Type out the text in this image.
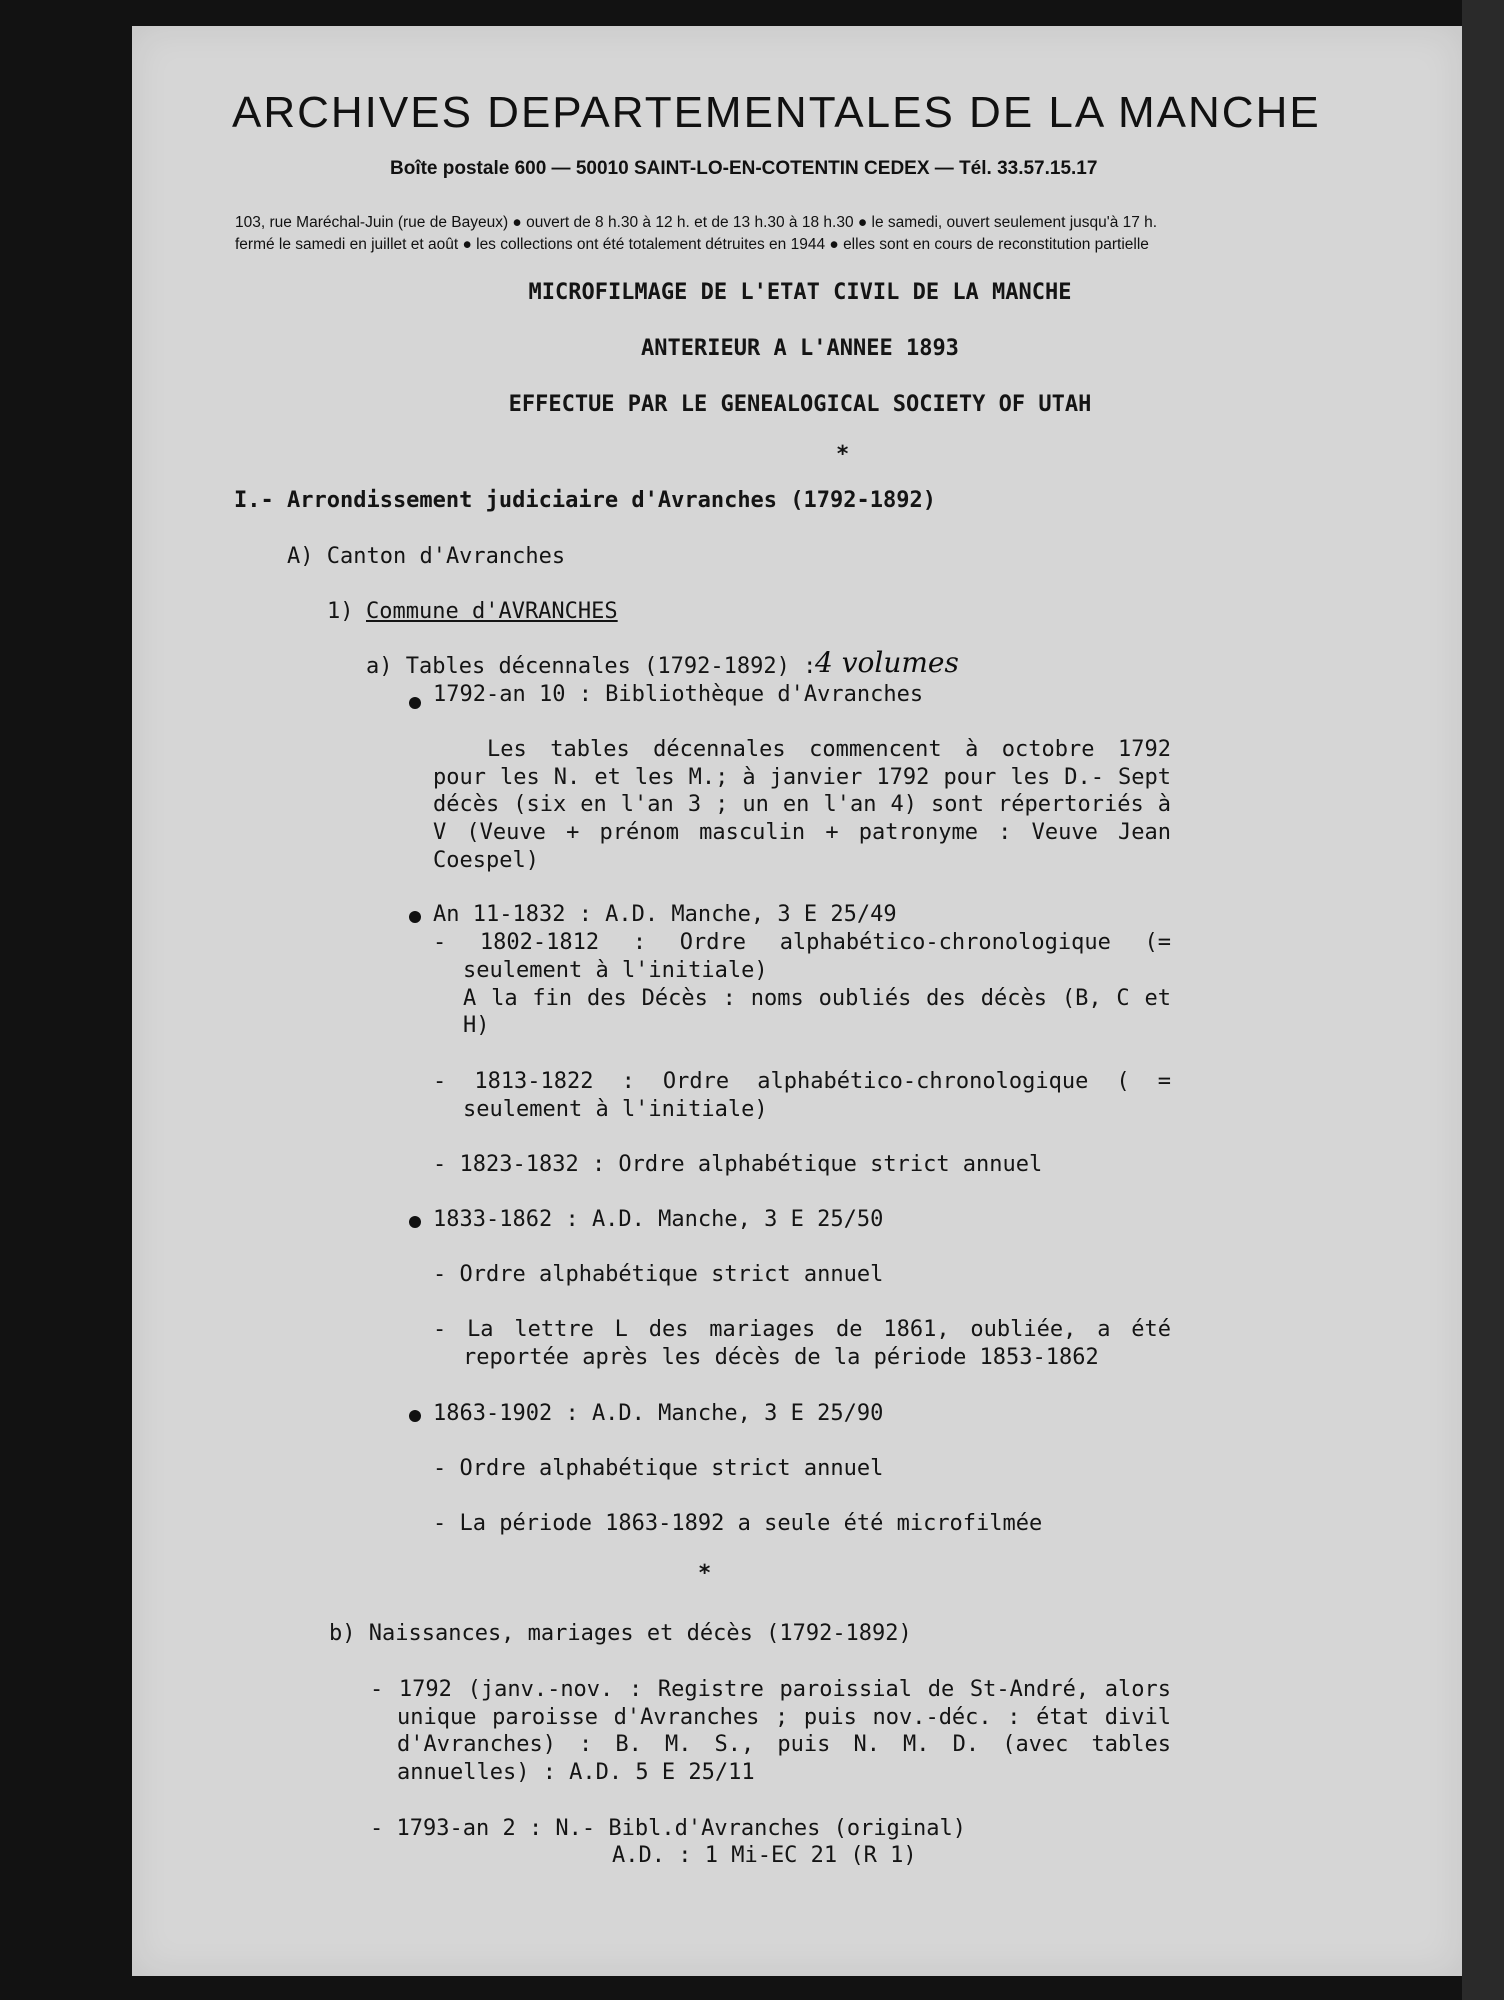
ARCHIVES DEPARTEMENTALES DE LA MANCHE
Boîte postale 600 — 50010 SAINT-LO-EN-COTENTIN CEDEX — Tél. 33.57.15.17
103, rue Maréchal-Juin (rue de Bayeux) ● ouvert de 8 h.30 à 12 h. et de 13 h.30 à 18 h.30 ● le samedi, ouvert seulement jusqu'à 17 h.
fermé le samedi en juillet et août ● les collections ont été totalement détruites en 1944 ● elles sont en cours de reconstitution partielle
MICROFILMAGE DE L'ETAT CIVIL DE LA MANCHE
ANTERIEUR A L'ANNEE 1893
EFFECTUE PAR LE GENEALOGICAL SOCIETY OF UTAH
*
I.- Arrondissement judiciaire d'Avranches (1792-1892)
A) Canton d'Avranches
1) Commune d'AVRANCHES
a) Tables décennales (1792-1892) :
4 volumes
1792-an 10 : Bibliothèque d'Avranches
Les tables décennales commencent à octobre 1792
pour les N. et les M.; à janvier 1792 pour les D.- Sept
décès (six en l'an 3 ; un en l'an 4) sont répertoriés à
V (Veuve + prénom masculin + patronyme : Veuve Jean
Coespel)
An 11-1832 : A.D. Manche, 3 E 25/49
- 1802-1812 : Ordre alphabético-chronologique (=
seulement à l'initiale)
A la fin des Décès : noms oubliés des décès (B, C et
H)
- 1813-1822 : Ordre alphabético-chronologique ( =
seulement à l'initiale)
- 1823-1832 : Ordre alphabétique strict annuel
1833-1862 : A.D. Manche, 3 E 25/50
- Ordre alphabétique strict annuel
- La lettre L des mariages de 1861, oubliée, a été
reportée après les décès de la période 1853-1862
1863-1902 : A.D. Manche, 3 E 25/90
- Ordre alphabétique strict annuel
- La période 1863-1892 a seule été microfilmée
*
b) Naissances, mariages et décès (1792-1892)
- 1792 (janv.-nov. : Registre paroissial de St-André, alors
unique paroisse d'Avranches ; puis nov.-déc. : état divil
d'Avranches) : B. M. S., puis N. M. D. (avec tables
annuelles) : A.D. 5 E 25/11
- 1793-an 2 : N.- Bibl.d'Avranches (original)
A.D. : 1 Mi-EC 21 (R 1)
